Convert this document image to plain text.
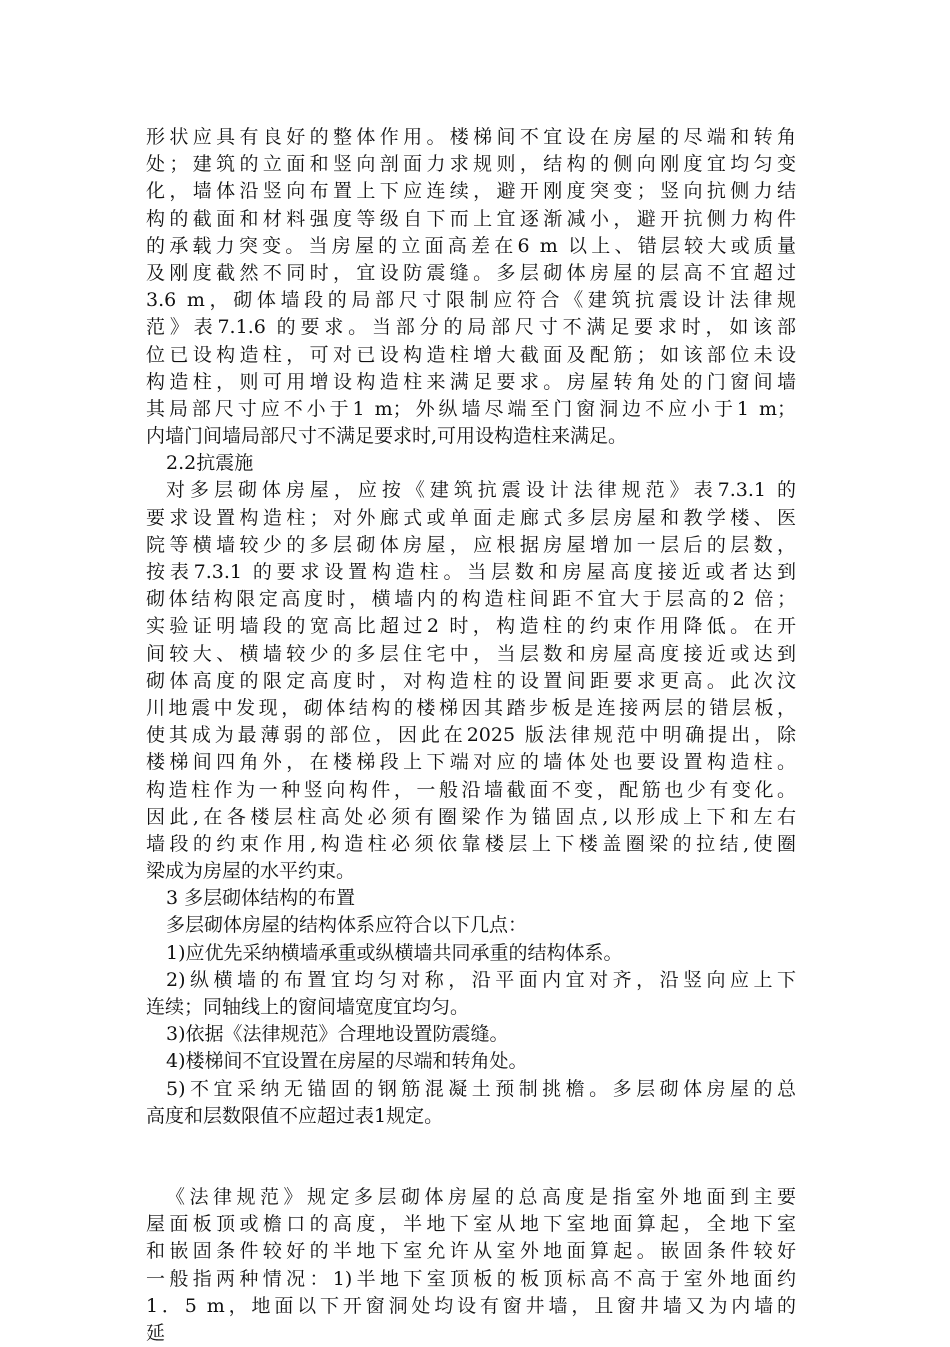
形状应具有良好的整体作用。楼梯间不宜设在房屋的尽端和转角
处；建筑的立面和竖向剖面力求规则，结构的侧向刚度宜均匀变
化，墙体沿竖向布置上下应连续，避开刚度突变；竖向抗侧力结
构的截面和材料强度等级自下而上宜逐渐减小，避开抗侧力构件
的承载力突变。当房屋的立面高差在6 m 以上、错层较大或质量
及刚度截然不同时，宜设防震缝。多层砌体房屋的层高不宜超过
3.6 m，砌体墙段的局部尺寸限制应符合《建筑抗震设计法律规
范》表7.1.6 的要求。当部分的局部尺寸不满足要求时，如该部
位已设构造柱，可对已设构造柱增大截面及配筋；如该部位未设
构造柱，则可用增设构造柱来满足要求。房屋转角处的门窗间墙
其局部尺寸应不小于1 m；外纵墙尽端至门窗洞边不应小于1 m；
内墙门间墙局部尺寸不满足要求时,可用设构造柱来满足。
2.2抗震施
对多层砌体房屋，应按《建筑抗震设计法律规范》表7.3.1 的
要求设置构造柱；对外廊式或单面走廊式多层房屋和教学楼、医
院等横墙较少的多层砌体房屋，应根据房屋增加一层后的层数，
按表7.3.1 的要求设置构造柱。当层数和房屋高度接近或者达到
砌体结构限定高度时，横墙内的构造柱间距不宜大于层高的2 倍；
实验证明墙段的宽高比超过2 时，构造柱的约束作用降低。在开
间较大、横墙较少的多层住宅中，当层数和房屋高度接近或达到
砌体高度的限定高度时，对构造柱的设置间距要求更高。此次汶
川地震中发现，砌体结构的楼梯因其踏步板是连接两层的错层板，
使其成为最薄弱的部位，因此在2025 版法律规范中明确提出，除
楼梯间四角外，在楼梯段上下端对应的墙体处也要设置构造柱。
构造柱作为一种竖向构件，一般沿墙截面不变，配筋也少有变化。
因此,在各楼层柱高处必须有圈梁作为锚固点,以形成上下和左右
墙段的约束作用,构造柱必须依靠楼层上下楼盖圈梁的拉结,使圈
梁成为房屋的水平约束。
3 多层砌体结构的布置
多层砌体房屋的结构体系应符合以下几点：
1)应优先采纳横墙承重或纵横墙共同承重的结构体系。
2)纵横墙的布置宜均匀对称，沿平面内宜对齐，沿竖向应上下
连续；同轴线上的窗间墙宽度宜均匀。
3)依据《法律规范》合理地设置防震缝。
4)楼梯间不宜设置在房屋的尽端和转角处。
5)不宜采纳无锚固的钢筋混凝土预制挑檐。多层砌体房屋的总
高度和层数限值不应超过表1规定。
《法律规范》规定多层砌体房屋的总高度是指室外地面到主要
屋面板顶或檐口的高度，半地下室从地下室地面算起，全地下室
和嵌固条件较好的半地下室允许从室外地面算起。嵌固条件较好
一般指两种情况：1)半地下室顶板的板顶标高不高于室外地面约
1．5 m，地面以下开窗洞处均设有窗井墙，且窗井墙又为内墙的
延
